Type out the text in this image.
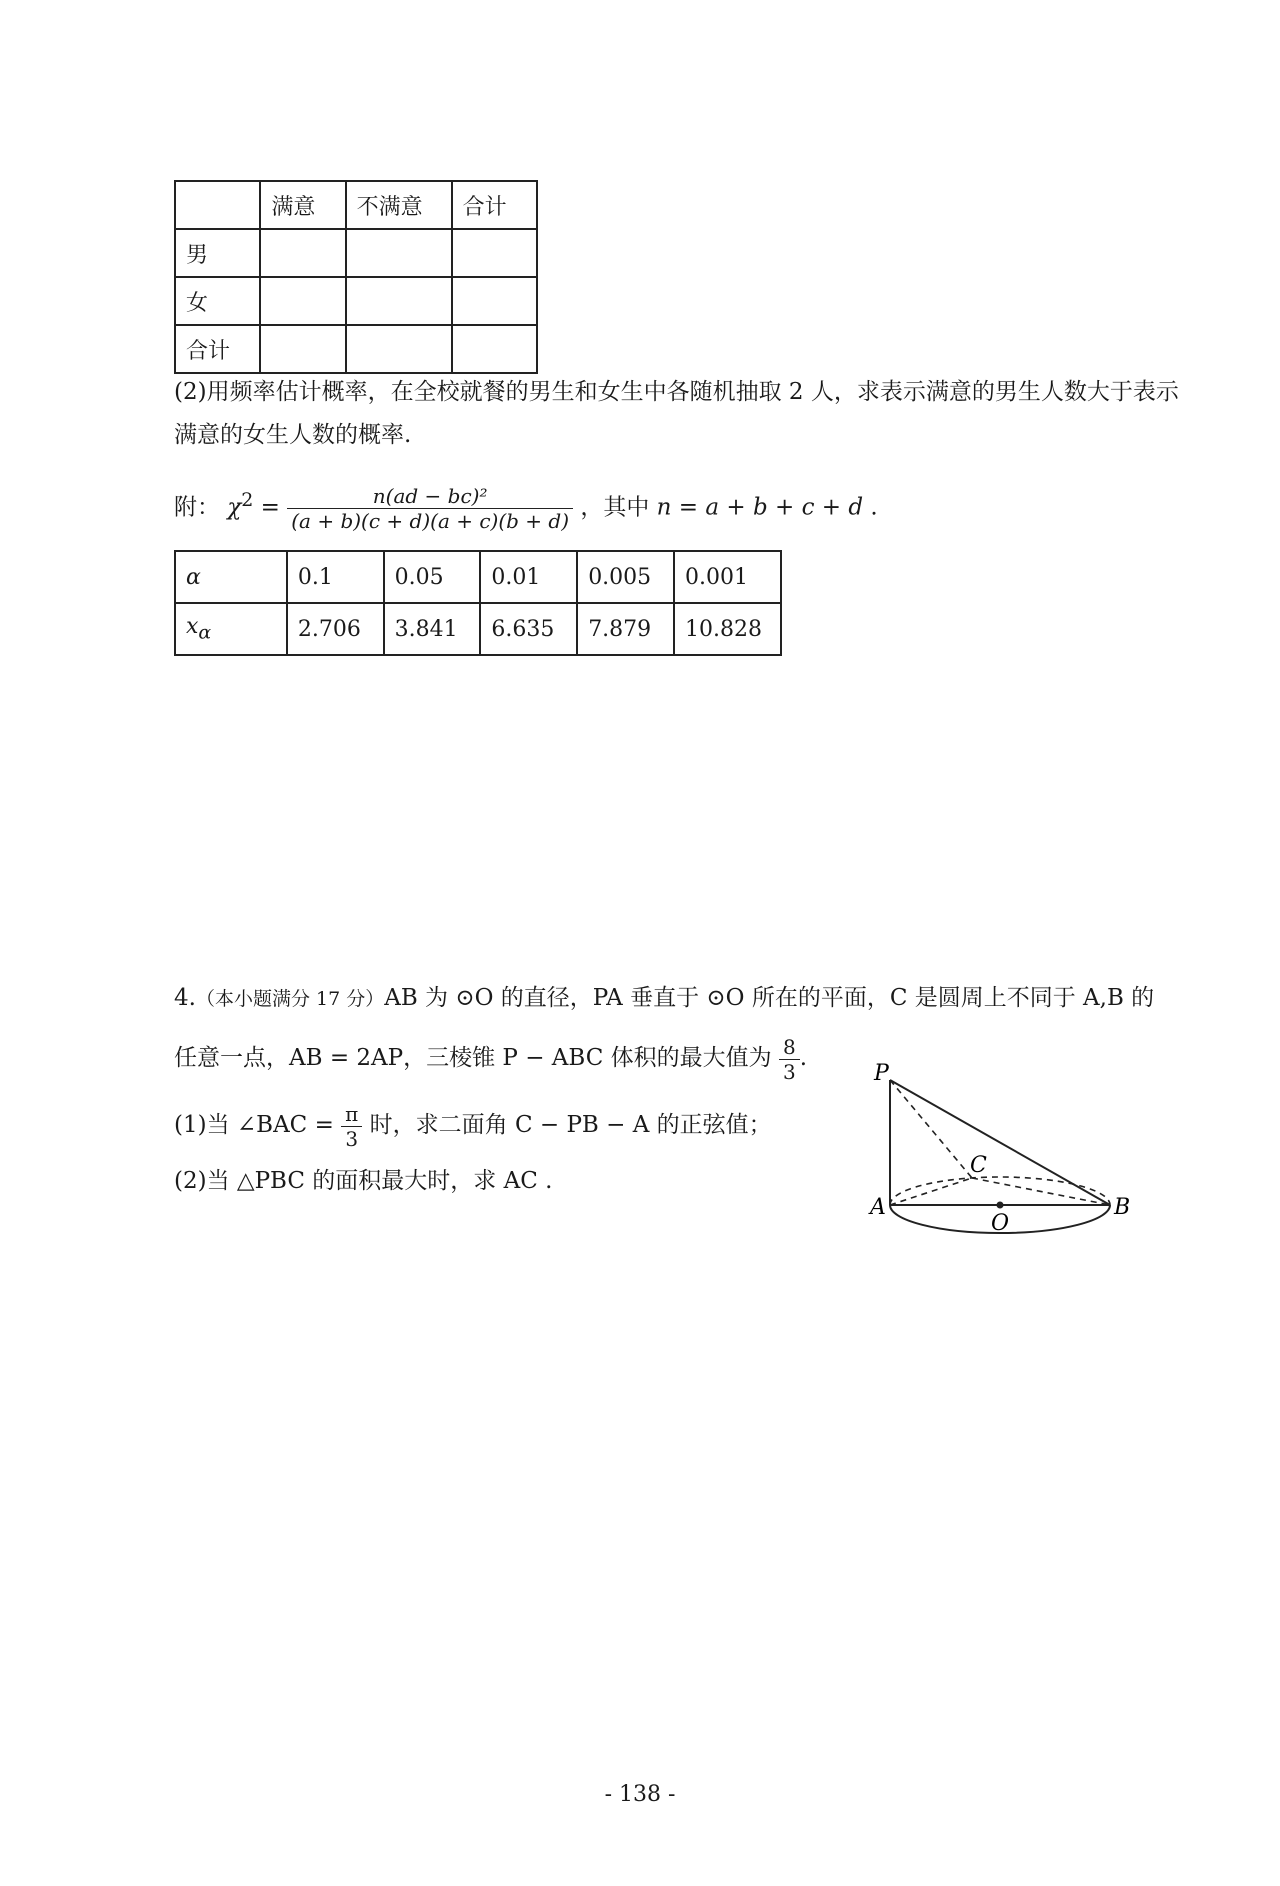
	满意	不满意	合计
男			
女			
合计			
(2)用频率估计概率，在全校就餐的男生和女生中各随机抽取 2 人，求表示满意的男生人数大于表示
满意的女生人数的概率.
附： $\chi^2 = \frac{\text{n(ad − bc)²}}{(a + b)(c + d)(a + c)(b + d)}$ ，其中 n = a + b + c + d .
α	0.1	0.05	0.01	0.005	0.001
$x_\alpha$	2.706	3.841	6.635	7.879	10.828
4.（本小题满分 17 分）AB 为 ⊙O 的直径，PA 垂直于 ⊙O 所在的平面，C 是圆周上不同于 A,B 的
任意一点，AB = 2AP，三棱锥 P − ABC 体积的最大值为 $\frac{8}{3}$ .
(1)当 ∠BAC = $\frac{\pi}{3}$ 时，求二面角 C − PB − A 的正弦值；
(2)当 △PBC 的面积最大时，求 AC .
P
C
A
O
B
- 138 -
